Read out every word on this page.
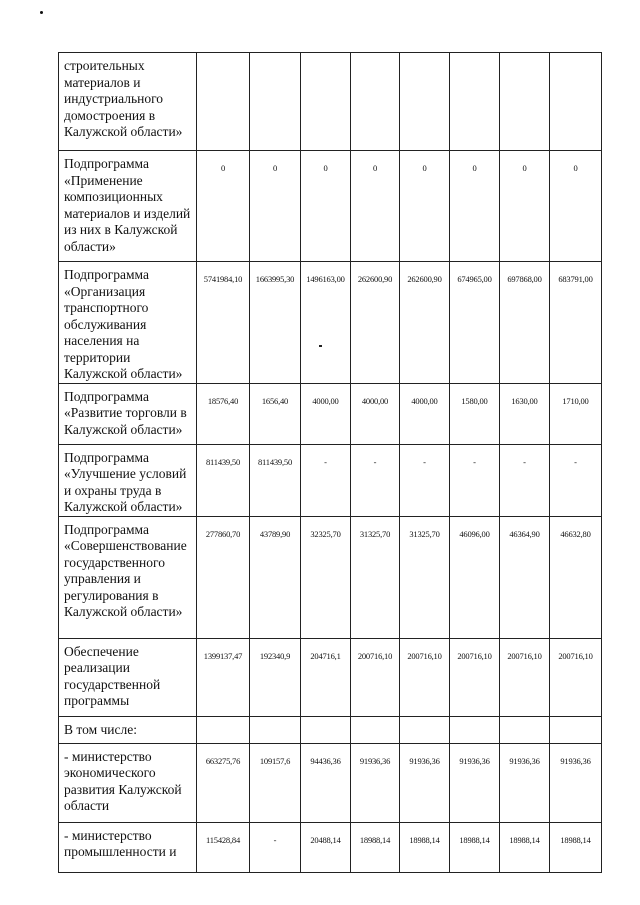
строительных материалов и индустриального домостроения в Калужской области»								
Подпрограмма «Применение композиционных материалов и изделий из них в Калужской области»	0	0	0	0	0	0	0	0
Подпрограмма «Организация транспортного обслуживания населения на территории Калужской области»	5741984,10	1663995,30	1496163,00	262600,90	262600,90	674965,00	697868,00	683791,00
Подпрограмма «Развитие торговли в Калужской области»	18576,40	1656,40	4000,00	4000,00	4000,00	1580,00	1630,00	1710,00
Подпрограмма «Улучшение условий и охраны труда в Калужской области»	811439,50	811439,50	-	-	-	-	-	-
Подпрограмма «Совершенствование государственного управления и регулирования в Калужской области»	277860,70	43789,90	32325,70	31325,70	31325,70	46096,00	46364,90	46632,80
Обеспечение реализации государственной программы	1399137,47	192340,9	204716,1	200716,10	200716,10	200716,10	200716,10	200716,10
В том числе:								
- министерство экономического развития Калужской области	663275,76	109157,6	94436,36	91936,36	91936,36	91936,36	91936,36	91936,36
- министерство промышленности и	115428,84	-	20488,14	18988,14	18988,14	18988,14	18988,14	18988,14
